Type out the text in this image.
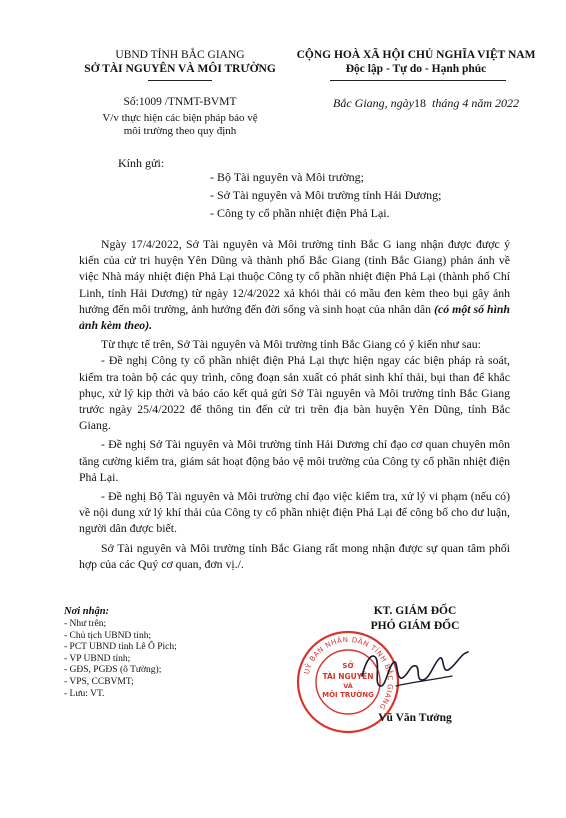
UBND TỈNH BẮC GIANG
SỞ TÀI NGUYÊN VÀ MÔI TRƯỜNG
CỘNG HOÀ XÃ HỘI CHỦ NGHĨA VIỆT NAM
Độc lập - Tự do - Hạnh phúc
Số:1009 /TNMT-BVMT
V/v thực hiện các biện pháp bảo vệ
môi trường theo quy định
Bắc Giang, ngày18 tháng 4 năm 2022
Kính gửi:
- Bộ Tài nguyên và Môi trường;
- Sở Tài nguyên và Môi trường tỉnh Hải Dương;
- Công ty cổ phần nhiệt điện Phả Lại.

Ngày 17/4/2022, Sở Tài nguyên và Môi trường tỉnh Bắc G iang nhận được được ý kiến của cử tri huyện Yên Dũng và thành phố Bắc Giang (tỉnh Bắc Giang) phản ánh về việc Nhà máy nhiệt điện Phả Lại thuộc Công ty cổ phần nhiệt điện Phả Lại (thành phố Chí Linh, tỉnh Hải Dương) từ ngày 12/4/2022 xả khói thải có mầu đen kèm theo bụi gây ảnh hưởng đến môi trường, ảnh hưởng đến đời sống và sinh hoạt của nhân dân (có một số hình ảnh kèm theo).

Từ thực tế trên, Sở Tài nguyên và Môi trường tỉnh Bắc Giang có ý kiến như sau:

- Đề nghị Công ty cổ phần nhiệt điện Phả Lại thực hiện ngay các biện pháp rà soát, kiểm tra toàn bộ các quy trình, công đoạn sản xuất có phát sinh khí thải, bụi than để khắc phục, xử lý kịp thời và báo cáo kết quả gửi Sở Tài nguyên và Môi trường tỉnh Bắc Giang trước ngày 25/4/2022 để thông tin đến cử tri trên địa bàn huyện Yên Dũng, tỉnh Bắc Giang.

- Đề nghị Sở Tài nguyên và Môi trường tỉnh Hải Dương chỉ đạo cơ quan chuyên môn tăng cường kiểm tra, giám sát hoạt động bảo vệ môi trường của Công ty cổ phần nhiệt điện Phả Lại.

- Đề nghị Bộ Tài nguyên và Môi trường chỉ đạo việc kiểm tra, xử lý vi phạm (nếu có) về nội dung xử lý khí thải của Công ty cổ phần nhiệt điện Phả Lại để công bố cho dư luận, người dân được biết.

Sở Tài nguyên và Môi trường tỉnh Bắc Giang rất mong nhận được sự quan tâm phối hợp của các Quý cơ quan, đơn vị./.

Nơi nhận:
- Như trên;
- Chủ tịch UBND tỉnh;
- PCT UBND tỉnh Lê Ô Pich;
- VP UBND tỉnh;
- GĐS, PGĐS (ô Tường);
- VPS, CCBVMT;
- Lưu: VT.
KT. GIÁM ĐỐC
PHÓ GIÁM ĐỐC
UỶ BAN NHÂN DÂN TỈNH BẮC GIANG
SỞ
TÀI NGUYÊN
VÀ
MÔI TRƯỜNG
Vũ Văn Tưởng
